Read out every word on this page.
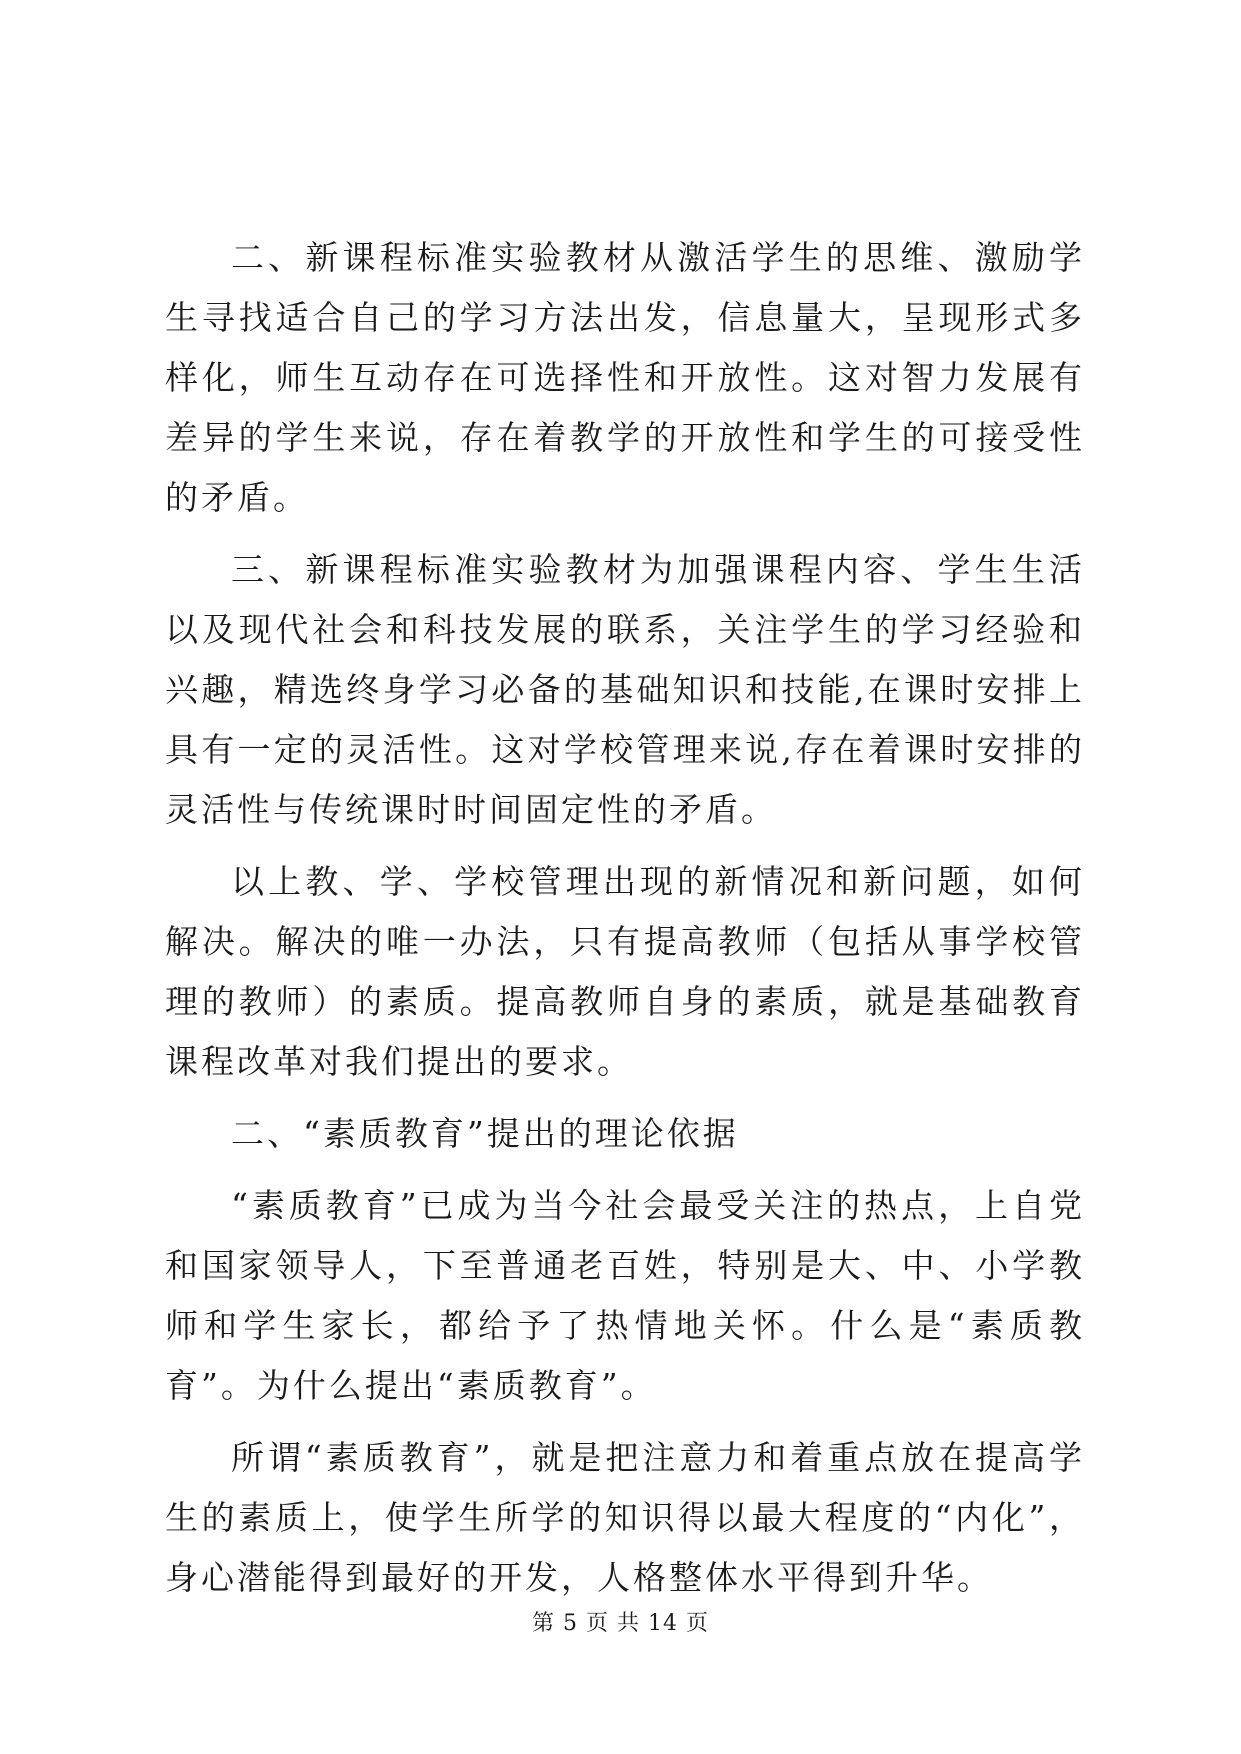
二、新课程标准实验教材从激活学生的思维、激励学生寻找适合自己的学习方法出发，信息量大，呈现形式多样化，师生互动存在可选择性和开放性。这对智力发展有差异的学生来说，存在着教学的开放性和学生的可接受性的矛盾。

三、新课程标准实验教材为加强课程内容、学生生活以及现代社会和科技发展的联系，关注学生的学习经验和兴趣，精选终身学习必备的基础知识和技能,在课时安排上具有一定的灵活性。这对学校管理来说,存在着课时安排的灵活性与传统课时时间固定性的矛盾。

以上教、学、学校管理出现的新情况和新问题，如何解决。解决的唯一办法，只有提高教师（包括从事学校管理的教师）的素质。提高教师自身的素质，就是基础教育课程改革对我们提出的要求。

二、“素质教育”提出的理论依据

“素质教育”已成为当今社会最受关注的热点，上自党和国家领导人，下至普通老百姓，特别是大、中、小学教师和学生家长，都给予了热情地关怀。什么是“素质教育”。为什么提出“素质教育”。

所谓“素质教育”，就是把注意力和着重点放在提高学生的素质上，使学生所学的知识得以最大程度的“内化”，身心潜能得到最好的开发，人格整体水平得到升华。

第 5 页 共 14 页
